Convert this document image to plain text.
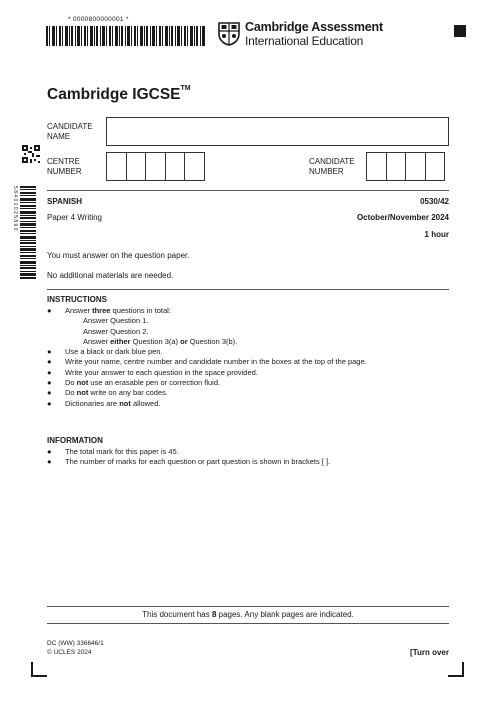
* 0000800000001 *
Cambridge Assessment
International Education
Cambridge IGCSE™
CANDIDATE
NAME
CENTRE
NUMBER
CANDIDATE
NUMBER
5 8 4 0 1 0 2 5 8 9 0	SPANISH	0530/42
Paper 4 Writing	October/November 2024
1 hour
You must answer on the question paper.
No additional materials are needed.
INSTRUCTIONS
● Answer three questions in total:
Answer Question 1.
Answer Question 2.
Answer either Question 3(a) or Question 3(b).
● Use a black or dark blue pen.
● Write your name, centre number and candidate number in the boxes at the top of the page.
● Write your answer to each question in the space provided.
● Do not use an erasable pen or correction fluid.
● Do not write on any bar codes.
● Dictionaries are not allowed.
INFORMATION
● The total mark for this paper is 45.
● The number of marks for each question or part question is shown in brackets [ ].
This document has 8 pages. Any blank pages are indicated.
DC (WW) 336646/1
© UCLES 2024	[Turn over
